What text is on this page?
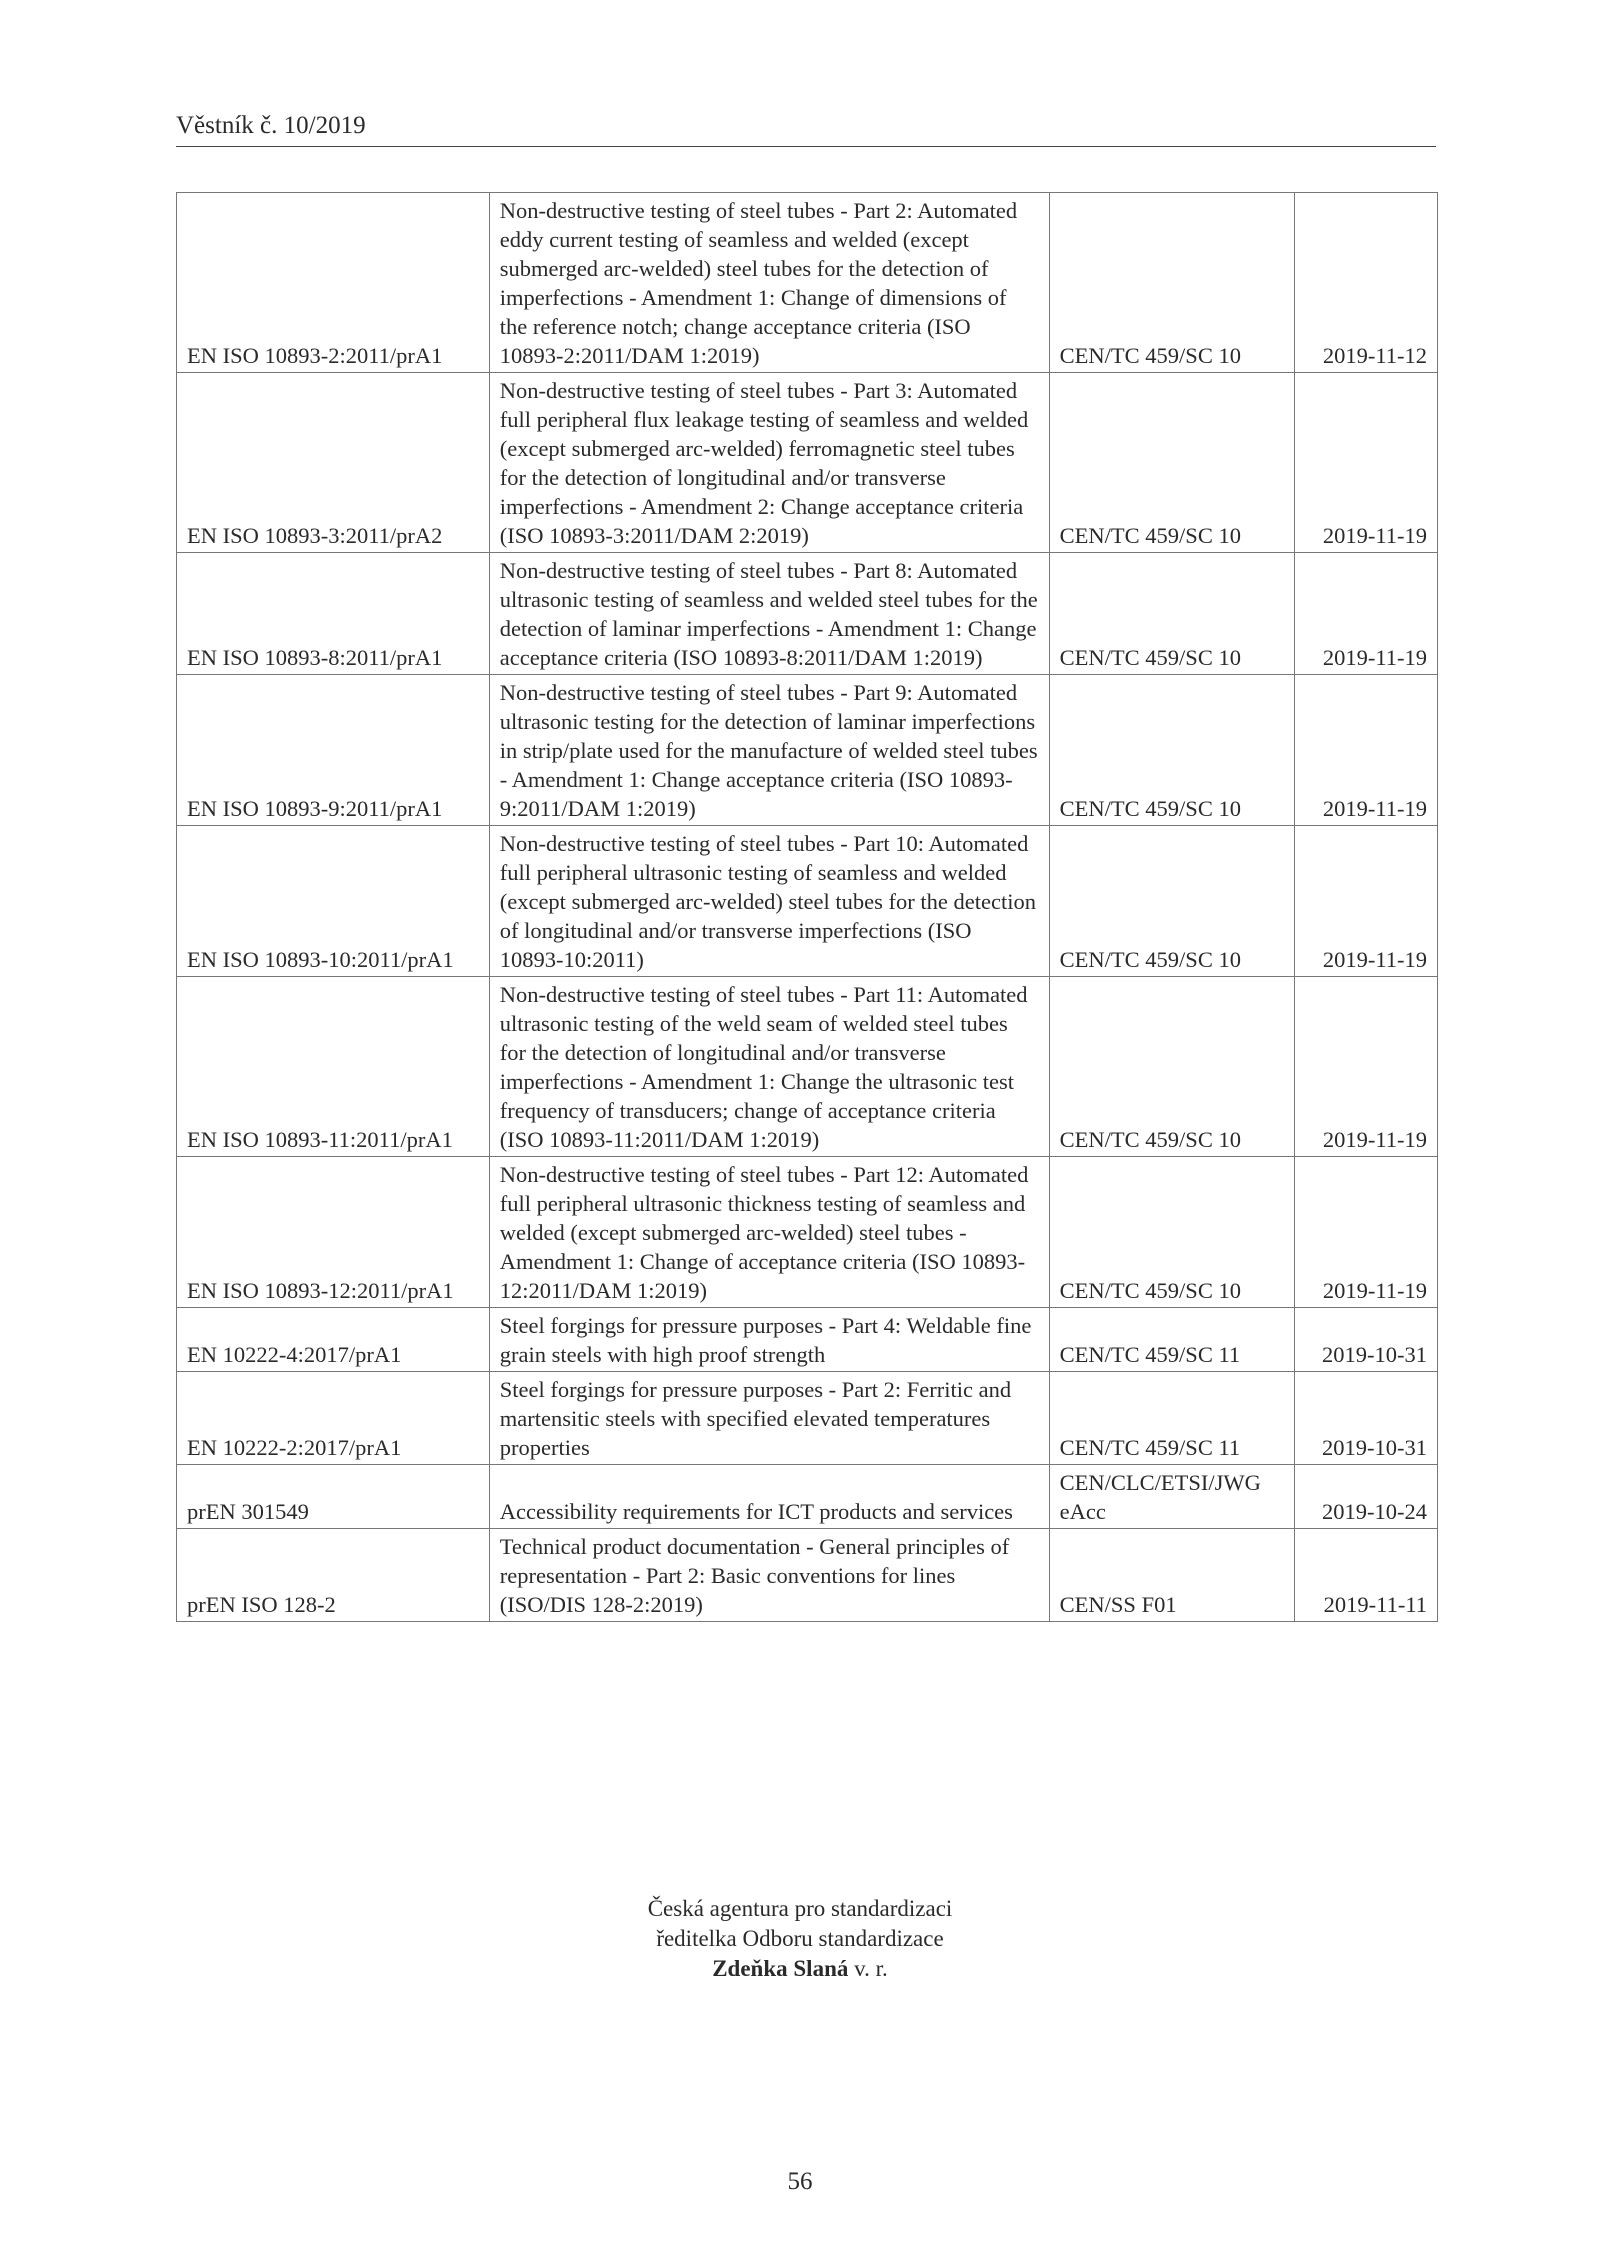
Věstník č. 10/2019
EN ISO 10893-2:2011/prA1	Non-destructive testing of steel tubes - Part 2: Automated eddy current testing of seamless and welded (except submerged arc-welded) steel tubes for the detection of imperfections - Amendment 1: Change of dimensions of the reference notch; change acceptance criteria (ISO 10893-2:2011/DAM 1:2019)	CEN/TC 459/SC 10	2019-11-12
EN ISO 10893-3:2011/prA2	Non-destructive testing of steel tubes - Part 3: Automated full peripheral flux leakage testing of seamless and welded (except submerged arc-welded) ferromagnetic steel tubes for the detection of longitudinal and/or transverse imperfections - Amendment 2: Change acceptance criteria (ISO 10893-3:2011/DAM 2:2019)	CEN/TC 459/SC 10	2019-11-19
EN ISO 10893-8:2011/prA1	Non-destructive testing of steel tubes - Part 8: Automated ultrasonic testing of seamless and welded steel tubes for the detection of laminar imperfections - Amendment 1: Change acceptance criteria (ISO 10893-8:2011/DAM 1:2019)	CEN/TC 459/SC 10	2019-11-19
EN ISO 10893-9:2011/prA1	Non-destructive testing of steel tubes - Part 9: Automated ultrasonic testing for the detection of laminar imperfections in strip/plate used for the manufacture of welded steel tubes - Amendment 1: Change acceptance criteria (ISO 10893-9:2011/DAM 1:2019)	CEN/TC 459/SC 10	2019-11-19
EN ISO 10893-10:2011/prA1	Non-destructive testing of steel tubes - Part 10: Automated full peripheral ultrasonic testing of seamless and welded (except submerged arc-welded) steel tubes for the detection of longitudinal and/or transverse imperfections (ISO 10893-10:2011)	CEN/TC 459/SC 10	2019-11-19
EN ISO 10893-11:2011/prA1	Non-destructive testing of steel tubes - Part 11: Automated ultrasonic testing of the weld seam of welded steel tubes for the detection of longitudinal and/or transverse imperfections - Amendment 1: Change the ultrasonic test frequency of transducers; change of acceptance criteria (ISO 10893-11:2011/DAM 1:2019)	CEN/TC 459/SC 10	2019-11-19
EN ISO 10893-12:2011/prA1	Non-destructive testing of steel tubes - Part 12: Automated full peripheral ultrasonic thickness testing of seamless and welded (except submerged arc-welded) steel tubes - Amendment 1: Change of acceptance criteria (ISO 10893-12:2011/DAM 1:2019)	CEN/TC 459/SC 10	2019-11-19
EN 10222-4:2017/prA1	Steel forgings for pressure purposes - Part 4: Weldable fine grain steels with high proof strength	CEN/TC 459/SC 11	2019-10-31
EN 10222-2:2017/prA1	Steel forgings for pressure purposes - Part 2: Ferritic and martensitic steels with specified elevated temperatures properties	CEN/TC 459/SC 11	2019-10-31
prEN 301549	Accessibility requirements for ICT products and services	CEN/CLC/ETSI/JWG eAcc	2019-10-24
prEN ISO 128-2	Technical product documentation - General principles of representation - Part 2: Basic conventions for lines (ISO/DIS 128-2:2019)	CEN/SS F01	2019-11-11
Česká agentura pro standardizaci
ředitelka Odboru standardizace
Zdeňka Slaná v. r.
56
